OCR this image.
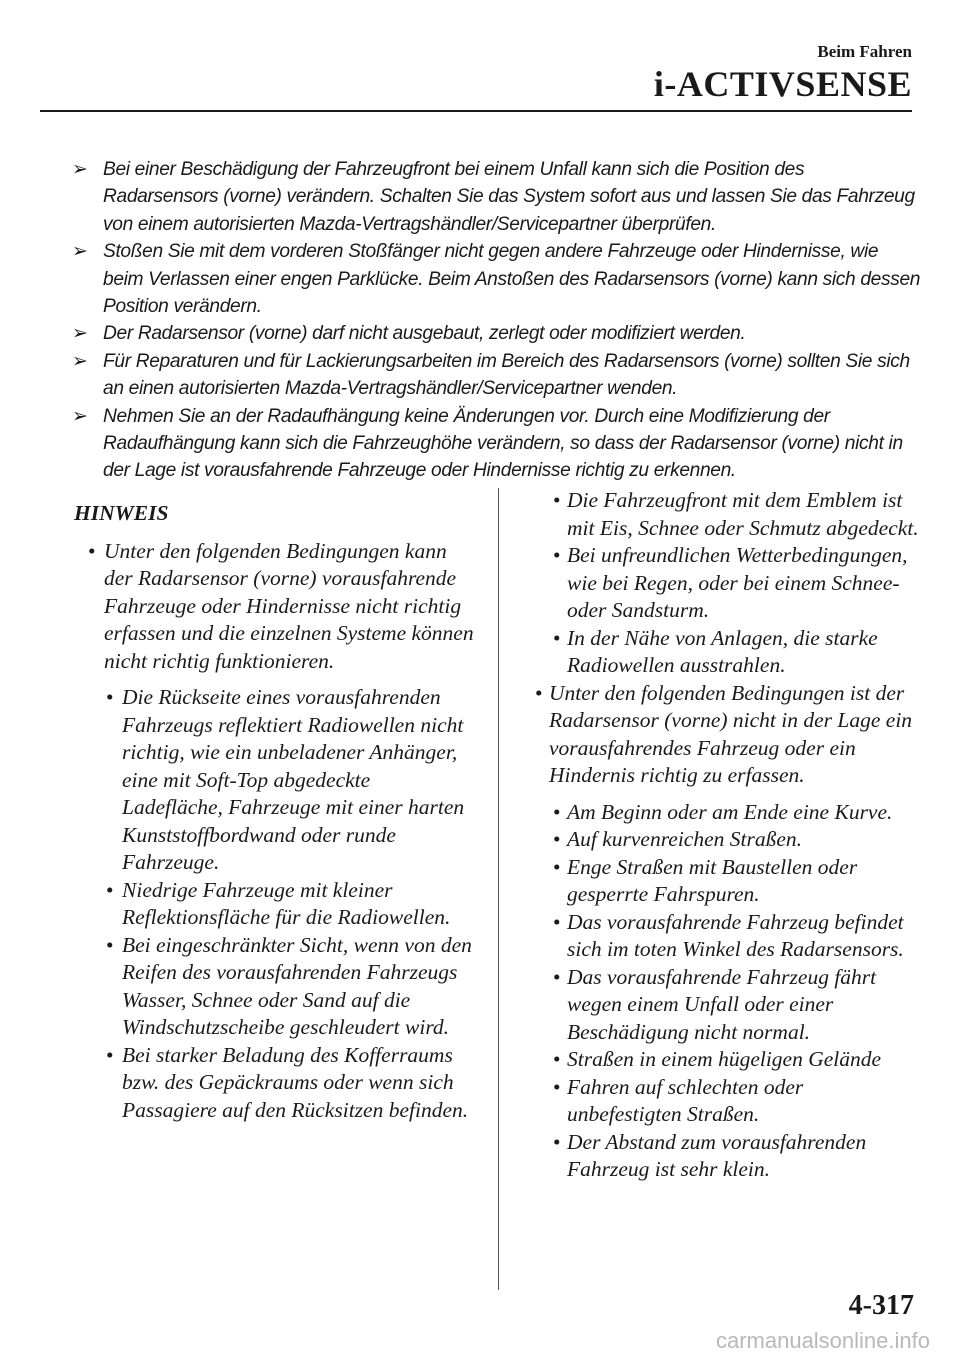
Beim Fahren
i-ACTIVSENSE
➢ Bei einer Beschädigung der Fahrzeugfront bei einem Unfall kann sich die Position des Radarsensors (vorne) verändern. Schalten Sie das System sofort aus und lassen Sie das Fahrzeug von einem autorisierten Mazda-Vertragshändler/Servicepartner überprüfen.
➢ Stoßen Sie mit dem vorderen Stoßfänger nicht gegen andere Fahrzeuge oder Hindernisse, wie beim Verlassen einer engen Parklücke. Beim Anstoßen des Radarsensors (vorne) kann sich dessen Position verändern.
➢ Der Radarsensor (vorne) darf nicht ausgebaut, zerlegt oder modifiziert werden.
➢ Für Reparaturen und für Lackierungsarbeiten im Bereich des Radarsensors (vorne) sollten Sie sich an einen autorisierten Mazda-Vertragshändler/Servicepartner wenden.
➢ Nehmen Sie an der Radaufhängung keine Änderungen vor. Durch eine Modifizierung der Radaufhängung kann sich die Fahrzeughöhe verändern, so dass der Radarsensor (vorne) nicht in der Lage ist vorausfahrende Fahrzeuge oder Hindernisse richtig zu erkennen.
HINWEIS
• Unter den folgenden Bedingungen kann der Radarsensor (vorne) vorausfahrende Fahrzeuge oder Hindernisse nicht richtig erfassen und die einzelnen Systeme können nicht richtig funktionieren.
• Die Rückseite eines vorausfahrenden Fahrzeugs reflektiert Radiowellen nicht richtig, wie ein unbeladener Anhänger, eine mit Soft-Top abgedeckte Ladefläche, Fahrzeuge mit einer harten Kunststoffbordwand oder runde Fahrzeuge.
• Niedrige Fahrzeuge mit kleiner Reflektionsfläche für die Radiowellen.
• Bei eingeschränkter Sicht, wenn von den Reifen des vorausfahrenden Fahrzeugs Wasser, Schnee oder Sand auf die Windschutzscheibe geschleudert wird.
• Bei starker Beladung des Kofferraums bzw. des Gepäckraums oder wenn sich Passagiere auf den Rücksitzen befinden.
• Die Fahrzeugfront mit dem Emblem ist mit Eis, Schnee oder Schmutz abgedeckt.
• Bei unfreundlichen Wetterbedingungen, wie bei Regen, oder bei einem Schnee- oder Sandsturm.
• In der Nähe von Anlagen, die starke Radiowellen ausstrahlen.
• Unter den folgenden Bedingungen ist der Radarsensor (vorne) nicht in der Lage ein vorausfahrendes Fahrzeug oder ein Hindernis richtig zu erfassen.
• Am Beginn oder am Ende eine Kurve.
• Auf kurvenreichen Straßen.
• Enge Straßen mit Baustellen oder gesperrte Fahrspuren.
• Das vorausfahrende Fahrzeug befindet sich im toten Winkel des Radarsensors.
• Das vorausfahrende Fahrzeug fährt wegen einem Unfall oder einer Beschädigung nicht normal.
• Straßen in einem hügeligen Gelände
• Fahren auf schlechten oder unbefestigten Straßen.
• Der Abstand zum vorausfahrenden Fahrzeug ist sehr klein.
4-317
carmanualsonline.info
